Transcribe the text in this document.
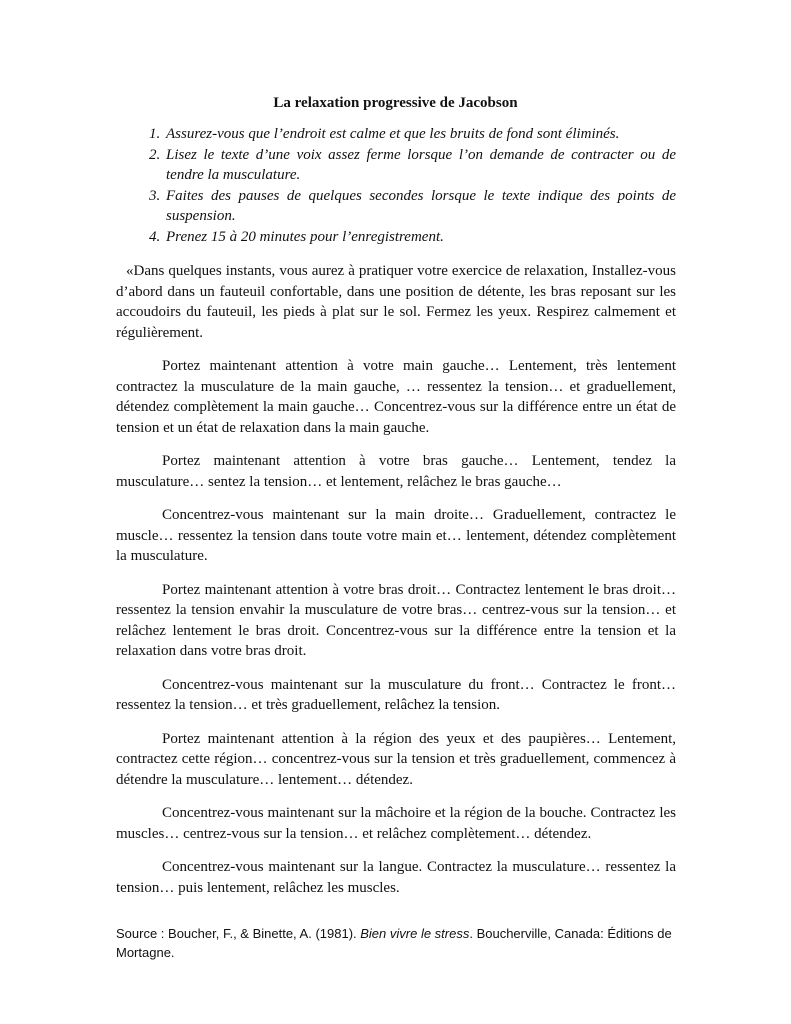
La relaxation progressive de Jacobson
1. Assurez-vous que l’endroit est calme et que les bruits de fond sont éliminés.
2. Lisez le texte d’une voix assez ferme lorsque l’on demande de contracter ou de tendre la musculature.
3. Faites des pauses de quelques secondes lorsque le texte indique des points de suspension.
4. Prenez 15 à 20 minutes pour l’enregistrement.

«Dans quelques instants, vous aurez à pratiquer votre exercice de relaxation, Installez-vous d’abord dans un fauteuil confortable, dans une position de détente, les bras reposant sur les accoudoirs du fauteuil, les pieds à plat sur le sol. Fermez les yeux. Respirez calmement et régulièrement.

Portez maintenant attention à votre main gauche… Lentement, très lentement contractez la musculature de la main gauche, … ressentez la tension… et graduellement, détendez complètement la main gauche… Concentrez-vous sur la différence entre un état de tension et un état de relaxation dans la main gauche.

Portez maintenant attention à votre bras gauche… Lentement, tendez la musculature… sentez la tension… et lentement, relâchez le bras gauche…

Concentrez-vous maintenant sur la main droite… Graduellement, contractez le muscle… ressentez la tension dans toute votre main et… lentement, détendez complètement la musculature.

Portez maintenant attention à votre bras droit… Contractez lentement le bras droit… ressentez la tension envahir la musculature de votre bras… centrez-vous sur la tension… et relâchez lentement le bras droit. Concentrez-vous sur la différence entre la tension et la relaxation dans votre bras droit.

Concentrez-vous maintenant sur la musculature du front… Contractez le front… ressentez la tension… et très graduellement, relâchez la tension.

Portez maintenant attention à la région des yeux et des paupières… Lentement, contractez cette région… concentrez-vous sur la tension et très graduellement, commencez à détendre la musculature… lentement… détendez.

Concentrez-vous maintenant sur la mâchoire et la région de la bouche. Contractez les muscles… centrez-vous sur la tension… et relâchez complètement… détendez.

Concentrez-vous maintenant sur la langue. Contractez la musculature… ressentez la tension… puis lentement, relâchez les muscles.

Source : Boucher, F., & Binette, A. (1981). Bien vivre le stress. Boucherville, Canada: Éditions de Mortagne.
